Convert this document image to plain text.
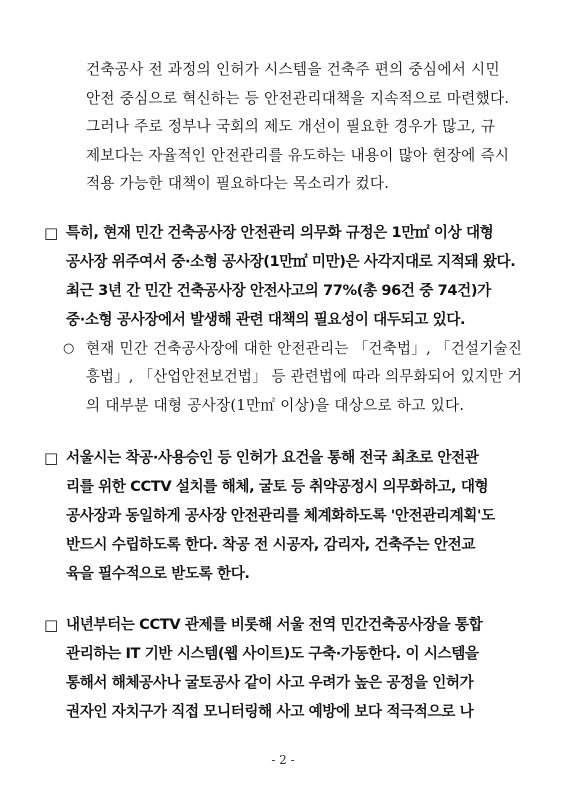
건축공사 전 과정의 인허가 시스템을 건축주 편의 중심에서 시민
안전 중심으로 혁신하는 등 안전관리대책을 지속적으로 마련했다.
그러나 주로 정부나 국회의 제도 개선이 필요한 경우가 많고, 규
제보다는 자율적인 안전관리를 유도하는 내용이 많아 현장에 즉시
적용 가능한 대책이 필요하다는 목소리가 컸다.
□ 특히, 현재 민간 건축공사장 안전관리 의무화 규정은 1만㎡ 이상 대형
공사장 위주여서 중·소형 공사장(1만㎡ 미만)은 사각지대로 지적돼 왔다.
최근 3년 간 민간 건축공사장 안전사고의 77%(총 96건 중 74건)가
중·소형 공사장에서 발생해 관련 대책의 필요성이 대두되고 있다.
○ 현재 민간 건축공사장에 대한 안전관리는 「건축법」, 「건설기술진
흥법」, 「산업안전보건법」 등 관련법에 따라 의무화되어 있지만 거
의 대부분 대형 공사장(1만㎡ 이상)을 대상으로 하고 있다.
□ 서울시는 착공·사용승인 등 인허가 요건을 통해 전국 최초로 안전관
리를 위한 CCTV 설치를 해체, 굴토 등 취약공정시 의무화하고, 대형
공사장과 동일하게 공사장 안전관리를 체계화하도록 '안전관리계획'도
반드시 수립하도록 한다. 착공 전 시공자, 감리자, 건축주는 안전교
육을 필수적으로 받도록 한다.
□ 내년부터는 CCTV 관제를 비롯해 서울 전역 민간건축공사장을 통합
관리하는 IT 기반 시스템(웹 사이트)도 구축·가동한다. 이 시스템을
통해서 해체공사나 굴토공사 같이 사고 우려가 높은 공정을 인허가
권자인 자치구가 직접 모니터링해 사고 예방에 보다 적극적으로 나
- 2 -
